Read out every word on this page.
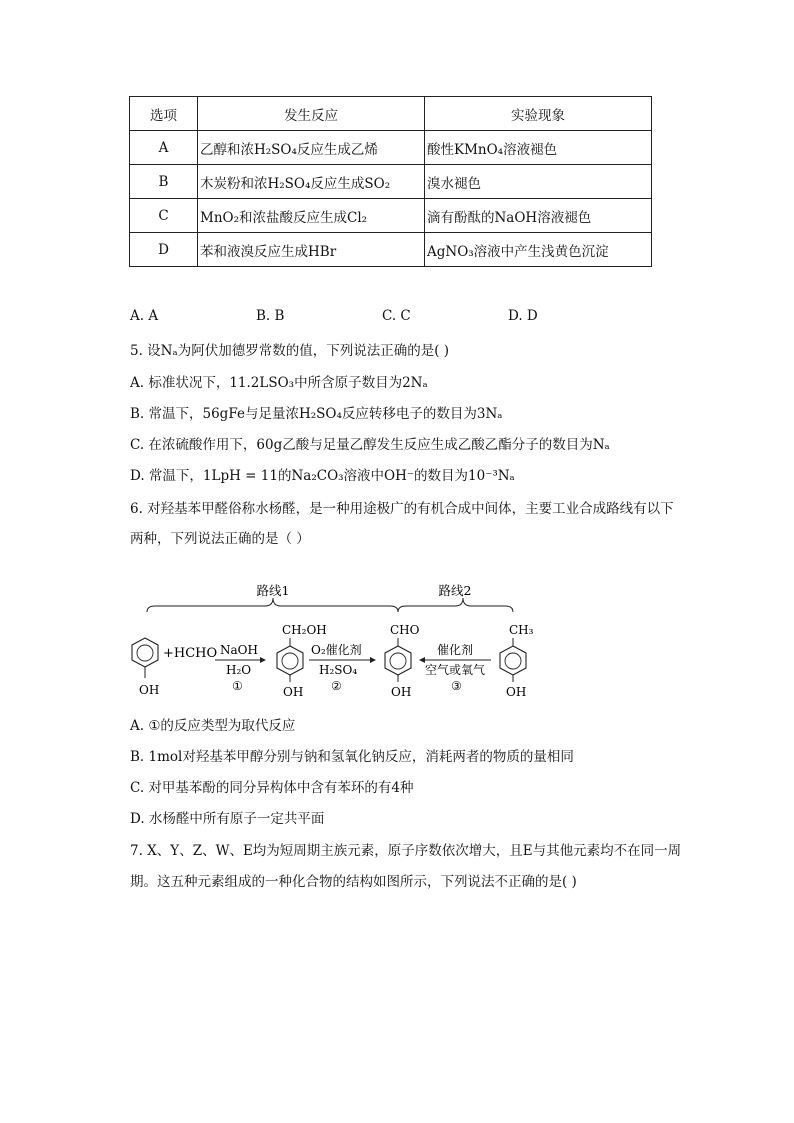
选项	发生反应	实验现象
A	乙醇和浓H₂SO₄反应生成乙烯	酸性KMnO₄溶液褪色
B	木炭粉和浓H₂SO₄反应生成SO₂	溴水褪色
C	MnO₂和浓盐酸反应生成Cl₂	滴有酚酞的NaOH溶液褪色
D	苯和液溴反应生成HBr	AgNO₃溶液中产生浅黄色沉淀
A. A	B. B	C. C	D. D
5. 设Nₐ为阿伏加德罗常数的值，下列说法正确的是( )
A. 标准状况下，11.2LSO₃中所含原子数目为2Nₐ
B. 常温下，56gFe与足量浓H₂SO₄反应转移电子的数目为3Nₐ
C. 在浓硫酸作用下，60g乙酸与足量乙醇发生反应生成乙酸乙酯分子的数目为Nₐ
D. 常温下，1LpH = 11的Na₂CO₃溶液中OH⁻的数目为10⁻³Nₐ
6. 对羟基苯甲醛俗称水杨醛，是一种用途极广的有机合成中间体，主要工业合成路线有以下
两种，下列说法正确的是（ ）
路线1	路线2
OH
+HCHO NaOH
H₂O
①
CH₂OH
OH
O₂催化剂
H₂SO₄
②
CHO
OH
催化剂
空气或氧气
③
CH₃
OH
A. ①的反应类型为取代反应
B. 1mol对羟基苯甲醇分别与钠和氢氧化钠反应，消耗两者的物质的量相同
C. 对甲基苯酚的同分异构体中含有苯环的有4种
D. 水杨醛中所有原子一定共平面
7. X、Y、Z、W、E均为短周期主族元素，原子序数依次增大，且E与其他元素均不在同一周
期。这五种元素组成的一种化合物的结构如图所示，下列说法不正确的是( )
